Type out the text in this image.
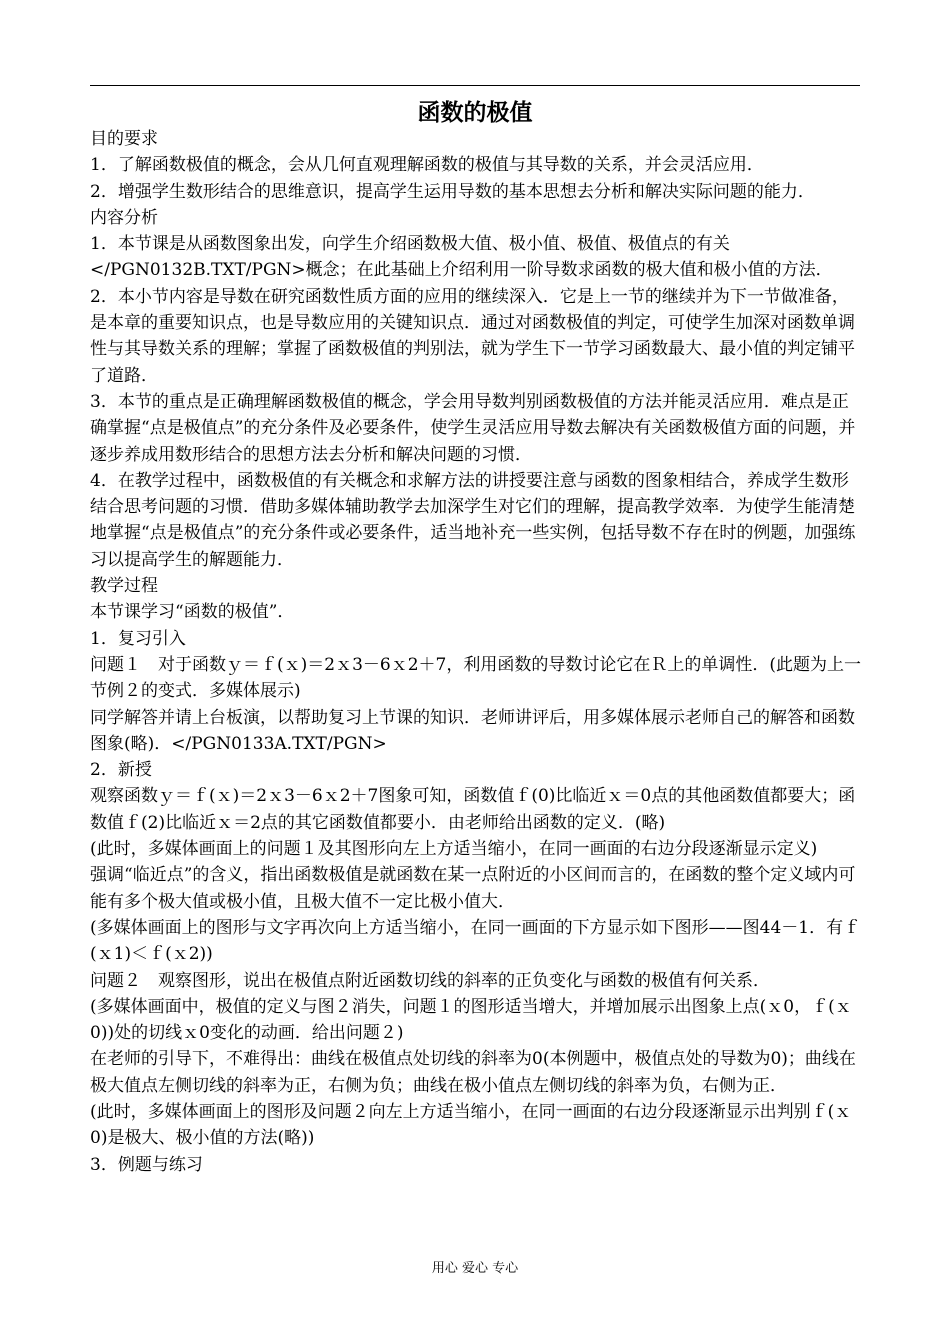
函数的极值

目的要求

1．了解函数极值的概念，会从几何直观理解函数的极值与其导数的关系，并会灵活应用．

2．增强学生数形结合的思维意识，提高学生运用导数的基本思想去分析和解决实际问题的能力．

内容分析

1．本节课是从函数图象出发，向学生介绍函数极大值、极小值、极值、极值点的有关</PGN0132B.TXT/PGN>概念；在此基础上介绍利用一阶导数求函数的极大值和极小值的方法．

2．本小节内容是导数在研究函数性质方面的应用的继续深入．它是上一节的继续并为下一节做准备，是本章的重要知识点，也是导数应用的关键知识点．通过对函数极值的判定，可使学生加深对函数单调性与其导数关系的理解；掌握了函数极值的判别法，就为学生下一节学习函数最大、最小值的判定铺平了道路．

3．本节的重点是正确理解函数极值的概念，学会用导数判别函数极值的方法并能灵活应用．难点是正确掌握“点是极值点”的充分条件及必要条件，使学生灵活应用导数去解决有关函数极值方面的问题，并逐步养成用数形结合的思想方法去分析和解决问题的习惯．

4．在教学过程中，函数极值的有关概念和求解方法的讲授要注意与函数的图象相结合，养成学生数形结合思考问题的习惯．借助多媒体辅助教学去加深学生对它们的理解，提高教学效率．为使学生能清楚地掌握“点是极值点”的充分条件或必要条件，适当地补充一些实例，包括导数不存在时的例题，加强练习以提高学生的解题能力．

教学过程

本节课学习“函数的极值”．

1．复习引入

问题１　对于函数ｙ＝ｆ(ｘ)＝2ｘ3－6ｘ2＋7，利用函数的导数讨论它在Ｒ上的单调性．(此题为上一节例２的变式．多媒体展示)

同学解答并请上台板演，以帮助复习上节课的知识．老师讲评后，用多媒体展示老师自己的解答和函数图象(略)．</PGN0133A.TXT/PGN>

2．新授

观察函数ｙ＝ｆ(ｘ)＝2ｘ3－6ｘ2＋7图象可知，函数值ｆ(0)比临近ｘ＝0点的其他函数值都要大；函数值ｆ(2)比临近ｘ＝2点的其它函数值都要小．由老师给出函数的定义．(略)

(此时，多媒体画面上的问题１及其图形向左上方适当缩小，在同一画面的右边分段逐渐显示定义)

强调“临近点”的含义，指出函数极值是就函数在某一点附近的小区间而言的，在函数的整个定义域内可能有多个极大值或极小值，且极大值不一定比极小值大．

(多媒体画面上的图形与文字再次向上方适当缩小，在同一画面的下方显示如下图形——图44－1．有ｆ(ｘ1)＜ｆ(ｘ2))

问题２　观察图形，说出在极值点附近函数切线的斜率的正负变化与函数的极值有何关系．

(多媒体画面中，极值的定义与图２消失，问题１的图形适当增大，并增加展示出图象上点(ｘ0，ｆ(ｘ0))处的切线ｘ0变化的动画．给出问题２)

在老师的引导下，不难得出：曲线在极值点处切线的斜率为0(本例题中，极值点处的导数为0)；曲线在极大值点左侧切线的斜率为正，右侧为负；曲线在极小值点左侧切线的斜率为负，右侧为正．

(此时，多媒体画面上的图形及问题２向左上方适当缩小，在同一画面的右边分段逐渐显示出判别ｆ(ｘ0)是极大、极小值的方法(略))

3．例题与练习

用心 爱心 专心
